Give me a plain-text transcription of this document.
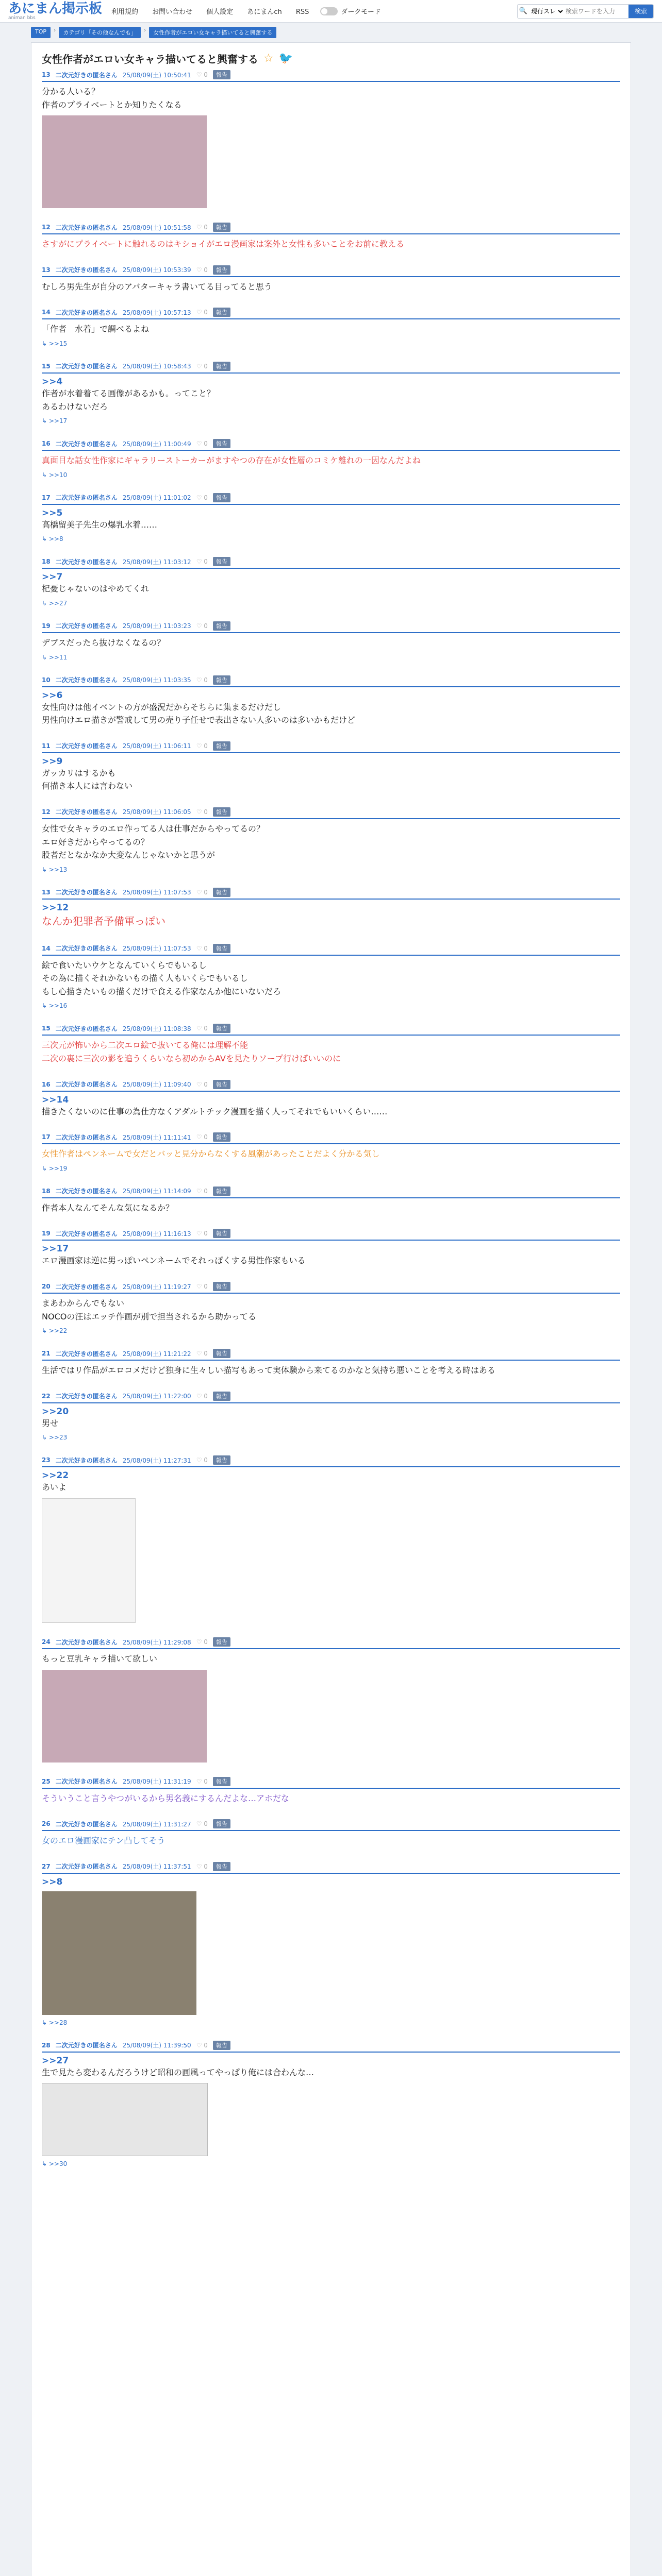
あにまん掲示板
animan bbs
利用規約 お問い合わせ 個人設定 あにまんch RSS	ダークモード	🔍
現行スレ
検索ワードを入力	検索
TOP	›	カテゴリ「その他なんでも」	›	女性作者がエロい女キャラ描いてると興奮する
女性作者がエロい女キャラ描いてると興奮する ☆ 🐦
13 二次元好きの匿名さん 25/08/09(土) 10:50:41 ♡ 0	報告
分かる人いる？
作者のプライベートとか知りたくなる
12 二次元好きの匿名さん 25/08/09(土) 10:51:58 ♡ 0	報告
さすがにプライベートに触れるのはキショイがエロ漫画家は案外と女性も多いことをお前に教える
13 二次元好きの匿名さん 25/08/09(土) 10:53:39 ♡ 0	報告
むしろ男先生が自分のアバターキャラ書いてる目ってると思う
14 二次元好きの匿名さん 25/08/09(土) 10:57:13 ♡ 0	報告
「作者　水着」で調べるよね
↳ >>15
15 二次元好きの匿名さん 25/08/09(土) 10:58:43 ♡ 0	報告
>>4
作者が水着着てる画像があるかも。ってこと？
あるわけないだろ
↳ >>17
16 二次元好きの匿名さん 25/08/09(土) 11:00:49 ♡ 0	報告
真面目な話女性作家にギャラリーストーカーがますやつの存在が女性層のコミケ離れの一因なんだよね
↳ >>10
17 二次元好きの匿名さん 25/08/09(土) 11:01:02 ♡ 0	報告
>>5
高橋留美子先生の爆乳水着……
↳ >>8
18 二次元好きの匿名さん 25/08/09(土) 11:03:12 ♡ 0	報告
>>7
杞憂じゃないのはやめてくれ
↳ >>27
19 二次元好きの匿名さん 25/08/09(土) 11:03:23 ♡ 0	報告
デブスだったら抜けなくなるの？
↳ >>11
10 二次元好きの匿名さん 25/08/09(土) 11:03:35 ♡ 0	報告
>>6
女性向けは他イベントの方が盛況だからそちらに集まるだけだし
男性向けエロ描きが警戒して男の売り子任せで表出さない人多いのは多いかもだけど
11 二次元好きの匿名さん 25/08/09(土) 11:06:11 ♡ 0	報告
>>9
ガッカリはするかも
何描き本人には言わない
12 二次元好きの匿名さん 25/08/09(土) 11:06:05 ♡ 0	報告
女性で女キャラのエロ作ってる人は仕事だからやってるの？
エロ好きだからやってるの？
股者だとなかなか大変なんじゃないかと思うが
↳ >>13
13 二次元好きの匿名さん 25/08/09(土) 11:07:53 ♡ 0	報告
>>12
なんか犯罪者予備軍っぽい
14 二次元好きの匿名さん 25/08/09(土) 11:07:53 ♡ 0	報告
絵で食いたいウケとなんていくらでもいるし
その為に描くそれかないもの描く人もいくらでもいるし
もし心描きたいもの描くだけで食える作家なんか他にいないだろ
↳ >>16
15 二次元好きの匿名さん 25/08/09(土) 11:08:38 ♡ 0	報告
三次元が怖いから二次エロ絵で抜いてる俺には理解不能
二次の裏に三次の影を追うくらいなら初めからAVを見たりソープ行けばいいのに
16 二次元好きの匿名さん 25/08/09(土) 11:09:40 ♡ 0	報告
>>14
描きたくないのに仕事の為仕方なくアダルトチック漫画を描く人ってそれでもいいくらい……
17 二次元好きの匿名さん 25/08/09(土) 11:11:41 ♡ 0	報告
女性作者はペンネームで女だとバッと見分からなくする風潮があったことだよく分かる気し
↳ >>19
18 二次元好きの匿名さん 25/08/09(土) 11:14:09 ♡ 0	報告
作者本人なんてそんな気になるか？
19 二次元好きの匿名さん 25/08/09(土) 11:16:13 ♡ 0	報告
>>17
エロ漫画家は逆に男っぽいペンネームでそれっぽくする男性作家もいる
20 二次元好きの匿名さん 25/08/09(土) 11:19:27 ♡ 0	報告
まあわからんでもない
NOCOの汪はエッチ作画が別で担当されるから助かってる
↳ >>22
21 二次元好きの匿名さん 25/08/09(土) 11:21:22 ♡ 0	報告
生活ではリ作品がエロコメだけど独身に生々しい描写もあって実体験から来てるのかなと気持ち悪いことを考える時はある
22 二次元好きの匿名さん 25/08/09(土) 11:22:00 ♡ 0	報告
>>20
男せ
↳ >>23
23 二次元好きの匿名さん 25/08/09(土) 11:27:31 ♡ 0	報告
>>22
あいよ
24 二次元好きの匿名さん 25/08/09(土) 11:29:08 ♡ 0	報告
もっと豆乳キャラ描いて欲しい
25 二次元好きの匿名さん 25/08/09(土) 11:31:19 ♡ 0	報告
そういうこと言うやつがいるから男名義にするんだよな…アホだな
26 二次元好きの匿名さん 25/08/09(土) 11:31:27 ♡ 0	報告
女のエロ漫画家にチン凸してそう
27 二次元好きの匿名さん 25/08/09(土) 11:37:51 ♡ 0	報告
>>8
↳ >>28
28 二次元好きの匿名さん 25/08/09(土) 11:39:50 ♡ 0	報告
>>27
生で見たら変わるんだろうけど昭和の画風ってやっぱり俺には合わんな…
↳ >>30
